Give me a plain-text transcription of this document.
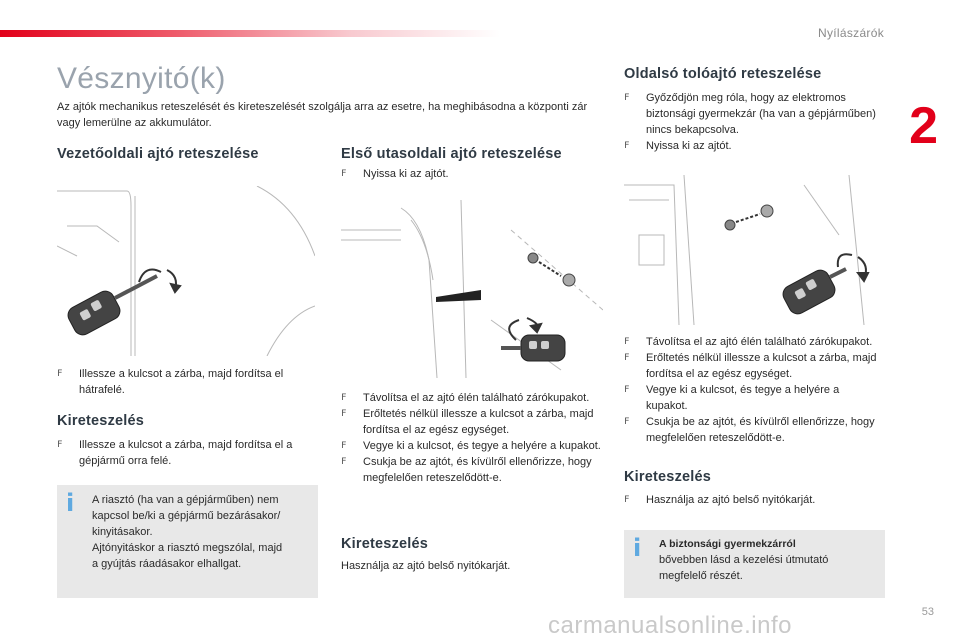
Nyílászárók
2
Vésznyitó(k)

Az ajtók mechanikus reteszelését és kireteszelését szolgálja arra az esetre, ha meghibásodna a központi zár vagy lemerülne az akkumulátor.

Vezetőoldali ajtó reteszelése
F Illessze a kulcsot a zárba, majd fordítsa el hátrafelé.
Kireteszelés
F Illessze a kulcsot a zárba, majd fordítsa el a gépjármű orra felé.
i A riasztó (ha van a gépjárműben) nem
kapcsol be/ki a gépjármű bezárásakor/
kinyitásakor.
Ajtónyitáskor a riasztó megszólal, majd
a gyújtás ráadásakor elhallgat.
Első utasoldali ajtó reteszelése
F Nyissa ki az ajtót.
F Távolítsa el az ajtó élén található zárókupakot.
F Erőltetés nélkül illessze a kulcsot a zárba, majd fordítsa el az egész egységet.
F Vegye ki a kulcsot, és tegye a helyére a kupakot.
F Csukja be az ajtót, és kívülről ellenőrizze, hogy megfelelően reteszelődött-e.
Kireteszelés

Használja az ajtó belső nyitókarját.

Oldalsó tolóajtó reteszelése
F Győződjön meg róla, hogy az elektromos biztonsági gyermekzár (ha van a gépjárműben) nincs bekapcsolva.
F Nyissa ki az ajtót.
F Távolítsa el az ajtó élén található zárókupakot.
F Erőltetés nélkül illessze a kulcsot a zárba, majd fordítsa el az egész egységet.
F Vegye ki a kulcsot, és tegye a helyére a kupakot.
F Csukja be az ajtót, és kívülről ellenőrizze, hogy megfelelően reteszelődött-e.
Kireteszelés
F Használja az ajtó belső nyitókarját.
i A biztonsági gyermekzárról
bővebben lásd a kezelési útmutató
megfelelő részét.
53
carmanualsonline.info
